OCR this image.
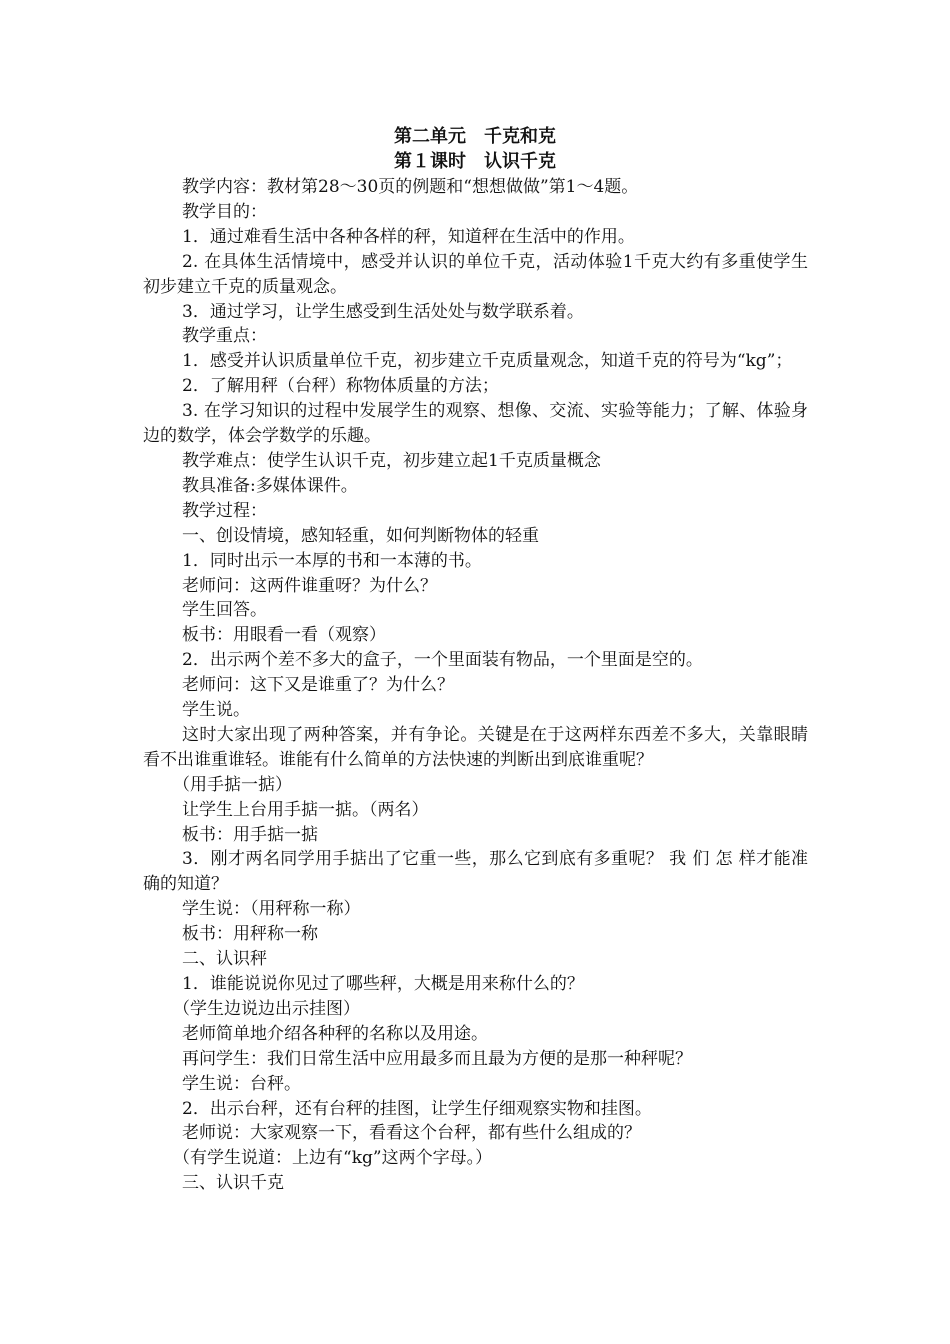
第二单元　千克和克
第１课时　认识千克

教学内容：教材第28～30页的例题和“想想做做”第1～4题。

教学目的：

1．通过难看生活中各种各样的秤，知道秤在生活中的作用。

2. 在具体生活情境中，感受并认识的单位千克，活动体验1千克大约有多重使学生初步建立千克的质量观念。

3．通过学习，让学生感受到生活处处与数学联系着。

教学重点：

1．感受并认识质量单位千克，初步建立千克质量观念，知道千克的符号为“kg”；

2．了解用秤（台秤）称物体质量的方法；

3. 在学习知识的过程中发展学生的观察、想像、交流、实验等能力；了解、体验身边的数学，体会学数学的乐趣。

教学难点：使学生认识千克，初步建立起1千克质量概念

教具准备:多媒体课件。

教学过程：

一、创设情境，感知轻重，如何判断物体的轻重

1．同时出示一本厚的书和一本薄的书。

老师问：这两件谁重呀？为什么？

学生回答。

板书：用眼看一看（观察）

2．出示两个差不多大的盒子，一个里面装有物品，一个里面是空的。

老师问：这下又是谁重了？为什么？

学生说。

这时大家出现了两种答案，并有争论。关键是在于这两样东西差不多大，关靠眼睛看不出谁重谁轻。谁能有什么简单的方法快速的判断出到底谁重呢？

（用手掂一掂）

让学生上台用手掂一掂。（两名）

板书：用手掂一掂

3．刚才两名同学用手掂出了它重一些，那么它到底有多重呢？ 我 们 怎 样才能准确的知道？

学生说：（用秤称一称）

板书：用秤称一称

二、认识秤

1．谁能说说你见过了哪些秤，大概是用来称什么的？

（学生边说边出示挂图）

老师简单地介绍各种秤的名称以及用途。

再问学生：我们日常生活中应用最多而且最为方便的是那一种秤呢？

学生说：台秤。

2．出示台秤，还有台秤的挂图，让学生仔细观察实物和挂图。

老师说：大家观察一下，看看这个台秤，都有些什么组成的？

（有学生说道：上边有“kg”这两个字母。）

三、认识千克
